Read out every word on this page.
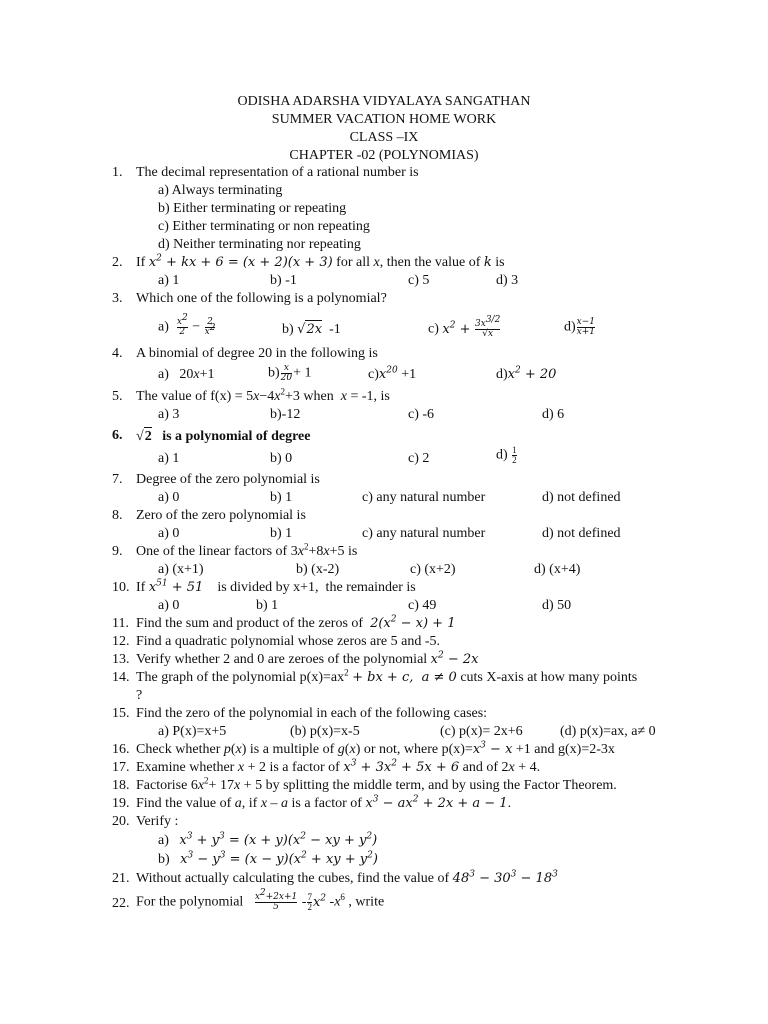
ODISHA ADARSHA VIDYALAYA SANGATHAN
SUMMER VACATION HOME WORK
CLASS –IX
CHAPTER -02 (POLYNOMIAS)
1. The decimal representation of a rational number is
a) Always terminating
b) Either terminating or repeating
c) Either terminating or non repeating
d) Neither terminating nor repeating
2. If $x^2$ + kx + 6 = (x + 2)(x + 3) for all x, then the value of k is
a) 1	b) -1	c) 5	d) 3
3. Which one of the following is a polynomial?
$a) \frac{x^2}{2} - \frac{2}{x^2}$	b) √2x  -1	c) $x^2 + \frac{3x^{3/2}}{√x}$	$d) \frac{x-1}{x+1}$
4. A binomial of degree 20 in the following is
a)   20x+1	$b) \frac{x}{20} + 1$	$c)x^{20} +1$	$d)x^2 + 20$
5. The value of $f(x) = 5x-4x^2+3$ when  x = -1, is
a) 3	b)-12	c) -6	d) 6
6. √2 is a polynomial of degree
a) 1	b) 0	c) 2	$d) \frac{1}{2}$
7. Degree of the zero polynomial is
a) 0	b) 1	c) any natural number	d) not defined
8. Zero of the zero polynomial is
a) 0	b) 1	c) any natural number	d) not defined
9. One of the linear factors of $3x^2+8x+5$ is
a) (x+1)	b) (x-2)	c) (x+2)	d) (x+4)
10. If $x^{51} + 51$    is divided by x+1,  the remainder is
a) 0	b) 1	c) 49	d) 50
11. Find the sum and product of the zeros of $2(x^2 - x) + 1$
12. Find a quadratic polynomial whose zeros are 5 and -5.
13. Verify whether 2 and 0 are zeroes of the polynomial $x^2 - 2x$
14. The graph of the polynomial $p(x)=ax^2$ + bx + c,  a ≠ 0 cuts X-axis at how many points
?
15. Find the zero of the polynomial in each of the following cases:
a) P(x)=x+5	(b) p(x)=x-5	(c) p(x)= 2x+6	(d) p(x)=ax, a≠ 0
16. Check whether p(x) is a multiple of g(x) or not, where $p(x)=x^3 - x +1$ and g(x)=2-3x
17. Examine whether x + 2 is a factor of $x^3 + 3x^2 + 5x + 6$ and of 2x + 4.
18. Factorise $6x^2+ 17x + 5$ by splitting the middle term, and by using the Factor Theorem.
19. Find the value of a, if x – a is a factor of $x^3 - ax^2 + 2x + a - 1$.
20. Verify :
a)   $x^3 + y^3 = (x + y)(x^2$ − xy + $y^2$)
b)   $x^3 - y^3 = (x - y)(x^2$ + xy + $y^2$)
21. Without actually calculating the cubes, find the value of $48^3 - 30^3 - 18^3$
22. For the polynomial $\frac{x^2+2x+1}{5} - \frac{7}{2} x^2$ $-x^6$ , write
